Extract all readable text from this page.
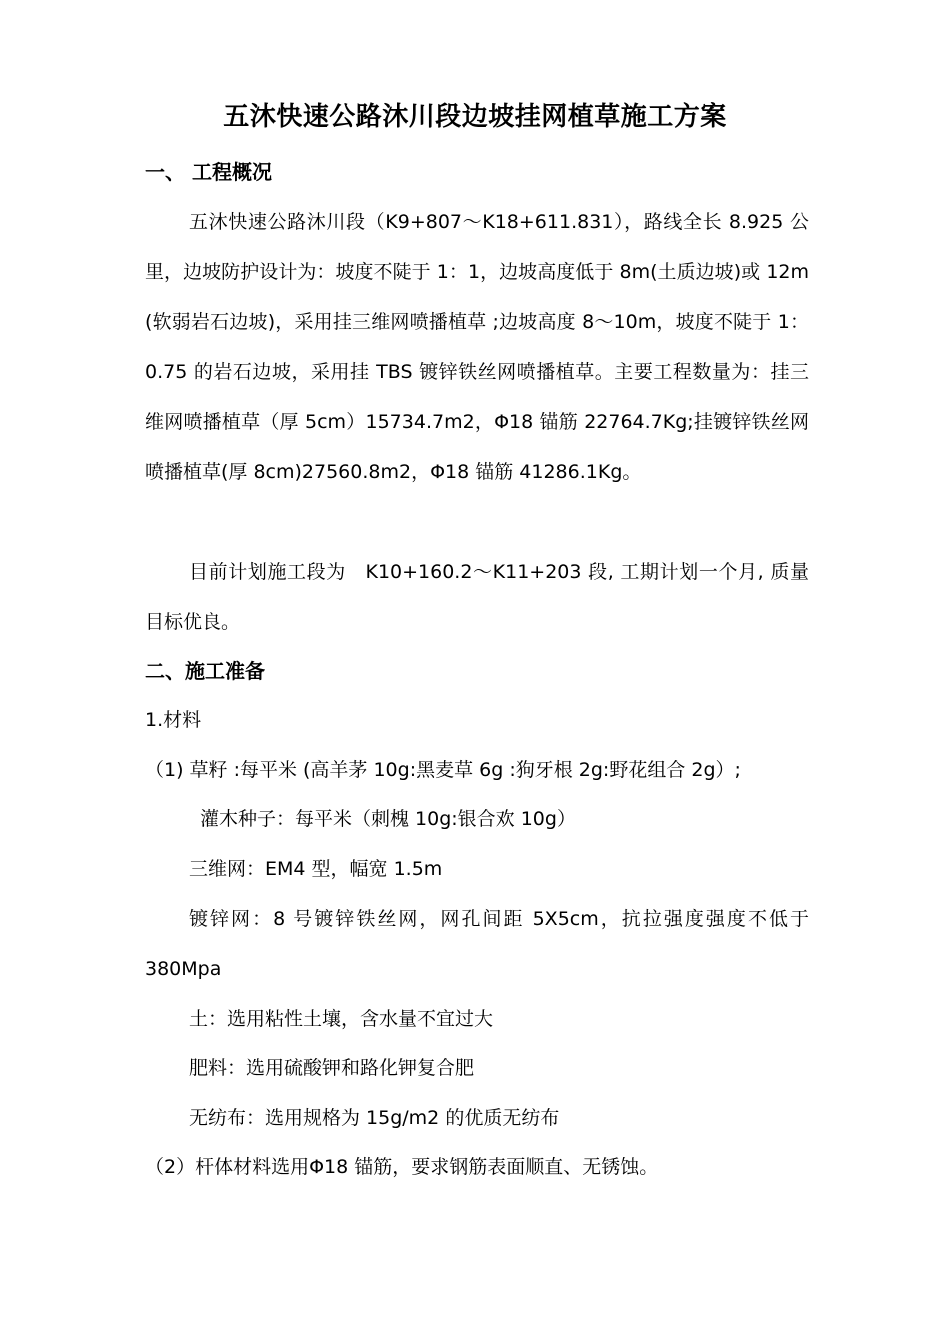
五沐快速公路沐川段边坡挂网植草施工方案
一、 工程概况

五沐快速公路沐川段（K9+807～K18+611.831），路线全长 8.925 公里，边坡防护设计为：坡度不陡于 1：1，边坡高度低于 8m(土质边坡)或 12m (软弱岩石边坡)，采用挂三维网喷播植草 ;边坡高度 8～10m，坡度不陡于 1：0.75 的岩石边坡，采用挂 TBS 镀锌铁丝网喷播植草。主要工程数量为：挂三维网喷播植草（厚 5cm）15734.7m2，Φ18 锚筋 22764.7Kg;挂镀锌铁丝网喷播植草(厚 8cm)27560.8m2，Φ18 锚筋 41286.1Kg。

目前计划施工段为　K10+160.2～K11+203 段, 工期计划一个月, 质量目标优良。

二、施工准备
1.材料
（1) 草籽 :每平米 (高羊茅 10g:黑麦草 6g :狗牙根 2g:野花组合 2g）;
灌木种子：每平米（刺槐 10g:银合欢 10g）
三维网：EM4 型，幅宽 1.5m

镀锌网：8 号镀锌铁丝网，网孔间距 5X5cm，抗拉强度强度不低于 380Mpa

土：选用粘性土壤，含水量不宜过大
肥料：选用硫酸钾和路化钾复合肥
无纺布：选用规格为 15g/m2 的优质无纺布
（2）杆体材料选用Φ18 锚筋，要求钢筋表面顺直、无锈蚀。
